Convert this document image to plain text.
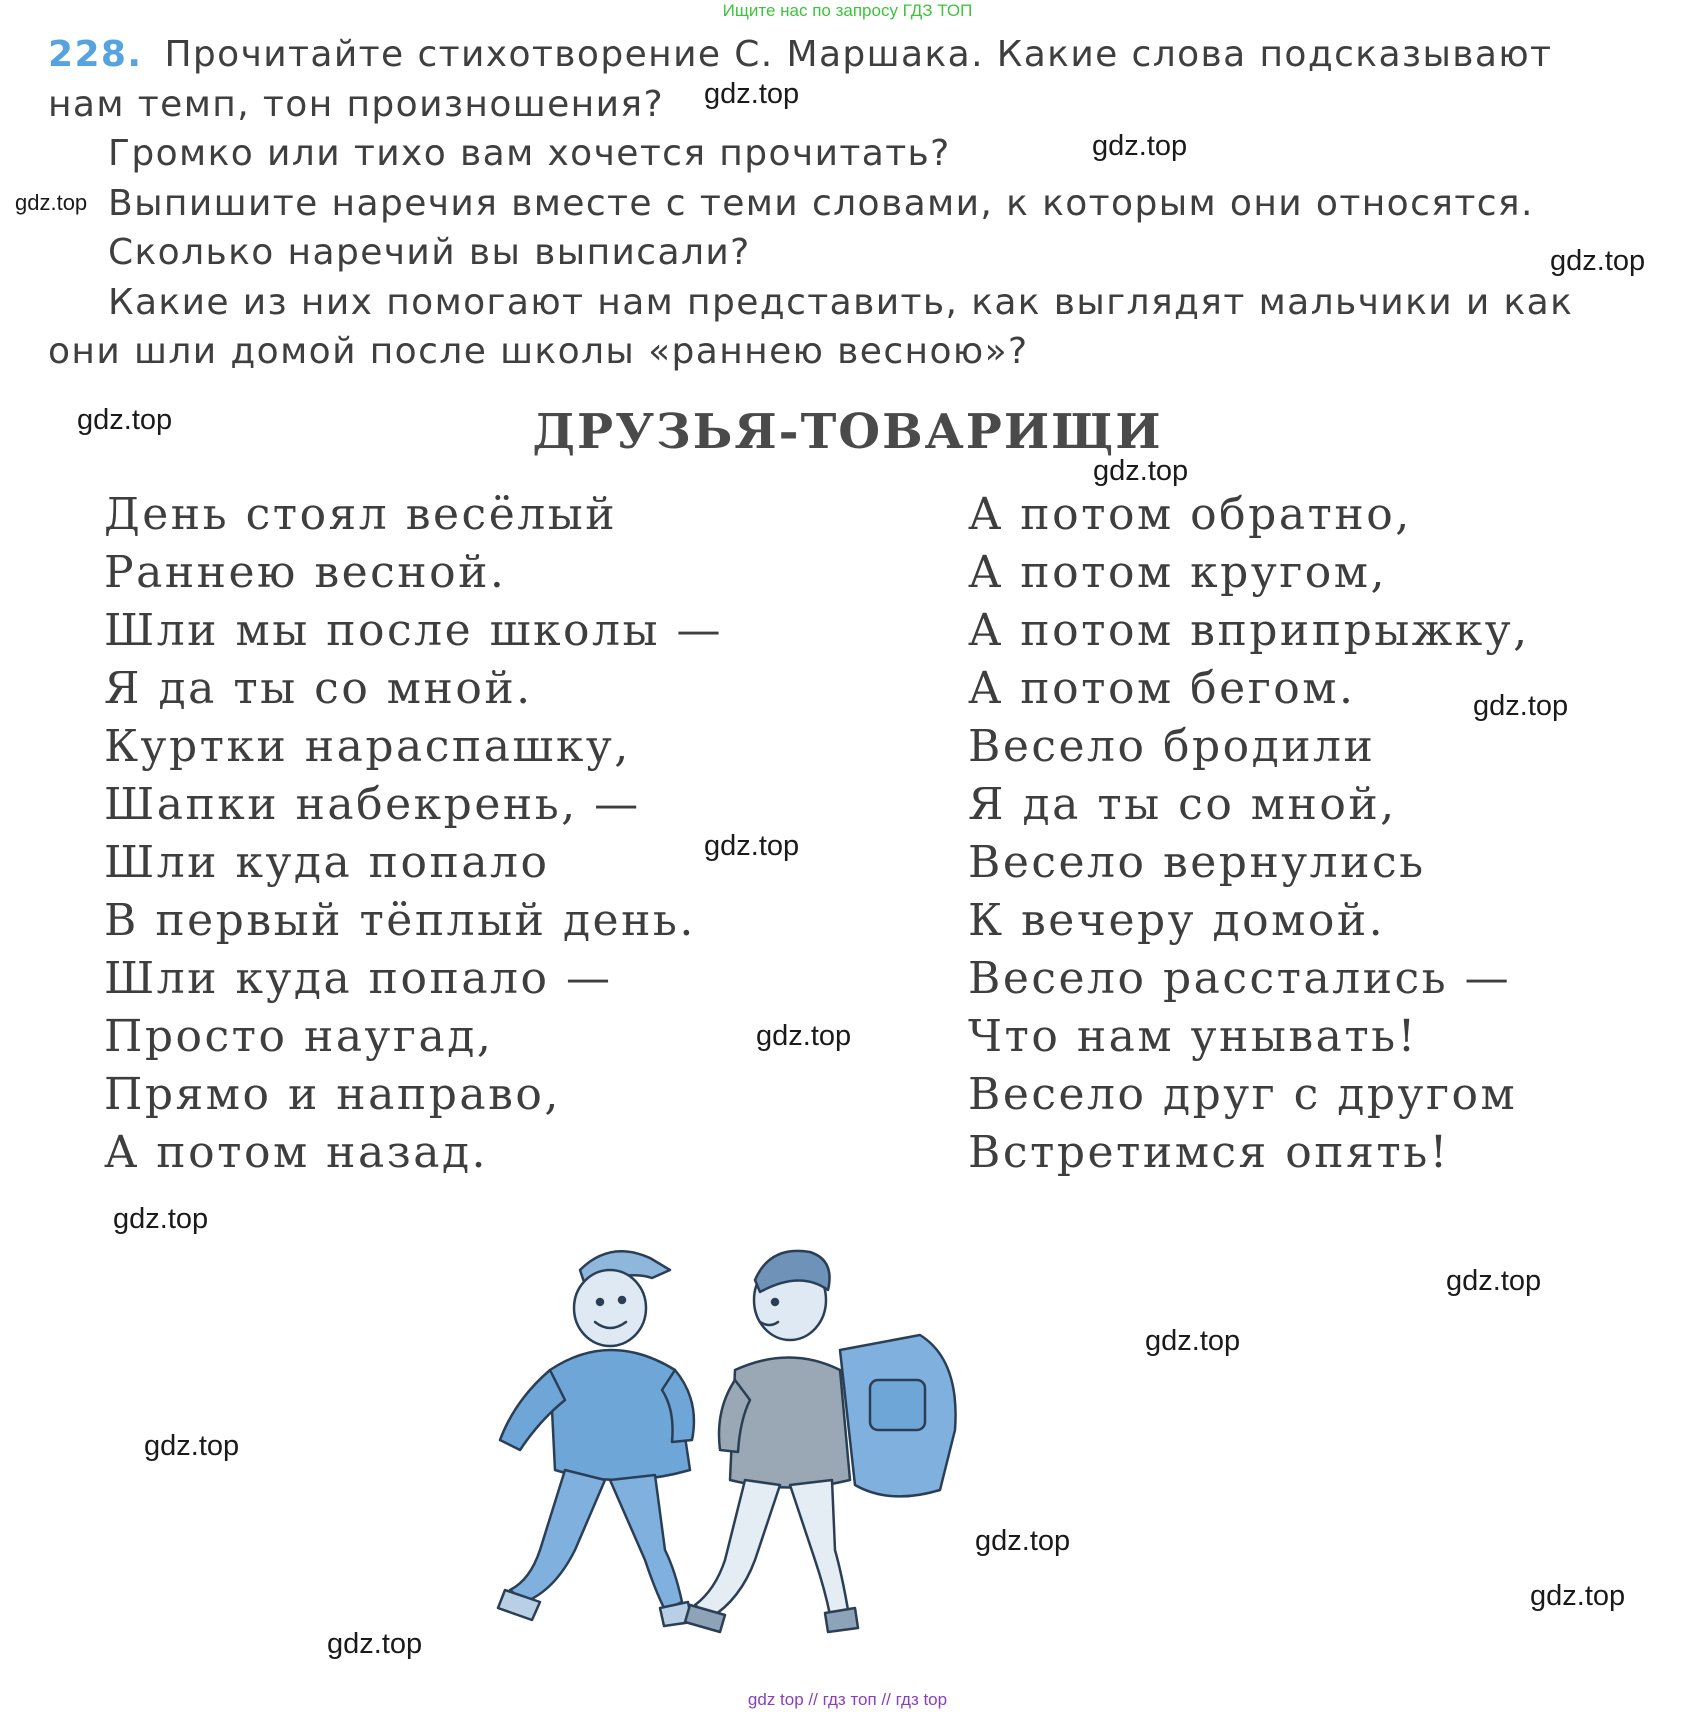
Ищите нас по запросу ГДЗ ТОП
228. Прочитайте стихотворение С. Маршака. Какие слова подсказывают
нам темп, тон произношения?
Громко или тихо вам хочется прочитать?
Выпишите наречия вместе с теми словами, к которым они относятся.
Сколько наречий вы выписали?
Какие из них помогают нам представить, как выглядят мальчики и как
они шли домой после школы «раннею весною»?
ДРУЗЬЯ-ТОВАРИЩИ
День стоял весёлый
Раннею весной.
Шли мы после школы —
Я да ты со мной.
Куртки нараспашку,
Шапки набекрень, —
Шли куда попало
В первый тёплый день.
Шли куда попало —
Просто наугад,
Прямо и направо,
А потом назад.
А потом обратно,
А потом кругом,
А потом вприпрыжку,
А потом бегом.
Весело бродили
Я да ты со мной,
Весело вернулись
К вечеру домой.
Весело расстались —
Что нам унывать!
Весело друг с другом
Встретимся опять!
gdz.top
gdz.top
gdz.top
gdz.top
gdz.top
gdz.top
gdz.top
gdz.top
gdz.top
gdz.top
gdz.top
gdz.top
gdz.top
gdz.top
gdz.top
gdz.top
gdz top // гдз топ // гдз top
